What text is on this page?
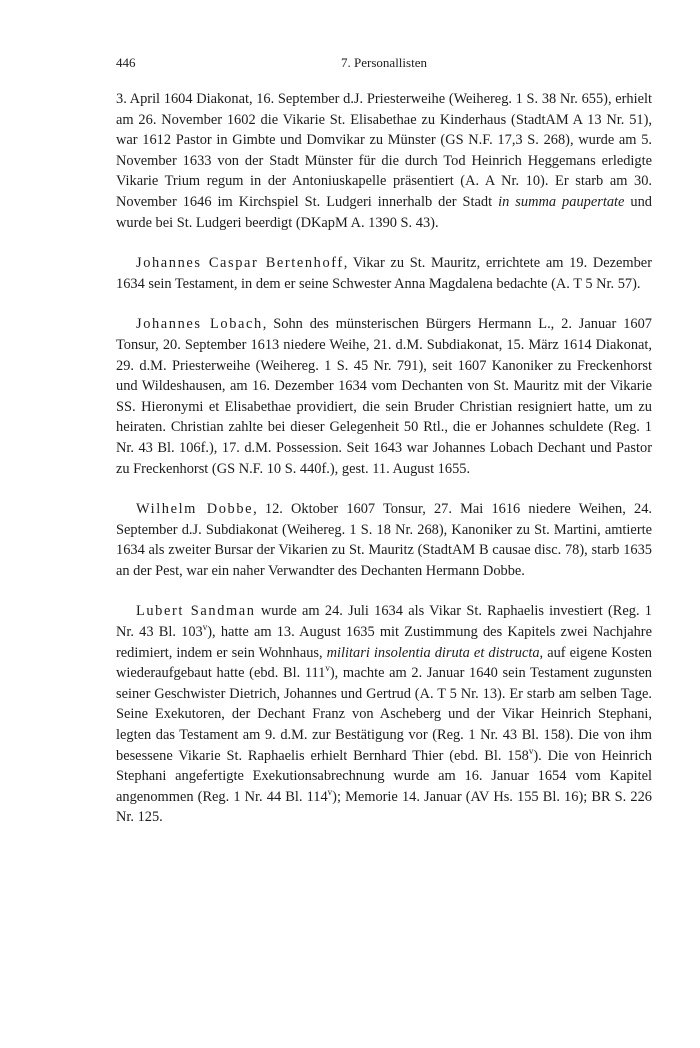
446	7. Personallisten

3. April 1604 Diakonat, 16. September d.J. Priesterweihe (Weihereg. 1 S. 38 Nr. 655), erhielt am 26. November 1602 die Vikarie St. Elisabethae zu Kinderhaus (StadtAM A 13 Nr. 51), war 1612 Pastor in Gimbte und Domvikar zu Münster (GS N.F. 17,3 S. 268), wurde am 5. November 1633 von der Stadt Münster für die durch Tod Heinrich Heggemans erledigte Vikarie Trium regum in der Antoniuskapelle präsentiert (A. A Nr. 10). Er starb am 30. November 1646 im Kirchspiel St. Ludgeri innerhalb der Stadt in summa paupertate und wurde bei St. Ludgeri beerdigt (DKapM A. 1390 S. 43).

Johannes Caspar Bertenhoff, Vikar zu St. Mauritz, errichtete am 19. Dezember 1634 sein Testament, in dem er seine Schwester Anna Magdalena bedachte (A. T 5 Nr. 57).

Johannes Lobach, Sohn des münsterischen Bürgers Hermann L., 2. Januar 1607 Tonsur, 20. September 1613 niedere Weihe, 21. d.M. Subdiakonat, 15. März 1614 Diakonat, 29. d.M. Priesterweihe (Weihereg. 1 S. 45 Nr. 791), seit 1607 Kanoniker zu Freckenhorst und Wildeshausen, am 16. Dezember 1634 vom Dechanten von St. Mauritz mit der Vikarie SS. Hieronymi et Elisabethae providiert, die sein Bruder Christian resigniert hatte, um zu heiraten. Christian zahlte bei dieser Gelegenheit 50 Rtl., die er Johannes schuldete (Reg. 1 Nr. 43 Bl. 106f.), 17. d.M. Possession. Seit 1643 war Johannes Lobach Dechant und Pastor zu Freckenhorst (GS N.F. 10 S. 440f.), gest. 11. August 1655.

Wilhelm Dobbe, 12. Oktober 1607 Tonsur, 27. Mai 1616 niedere Weihen, 24. September d.J. Subdiakonat (Weihereg. 1 S. 18 Nr. 268), Kanoniker zu St. Martini, amtierte 1634 als zweiter Bursar der Vikarien zu St. Mauritz (StadtAM B causae disc. 78), starb 1635 an der Pest, war ein naher Verwandter des Dechanten Hermann Dobbe.

Lubert Sandman wurde am 24. Juli 1634 als Vikar St. Raphaelis investiert (Reg. 1 Nr. 43 Bl. 103$^v$), hatte am 13. August 1635 mit Zustimmung des Kapitels zwei Nachjahre redimiert, indem er sein Wohnhaus, militari insolentia diruta et distructa, auf eigene Kosten wiederaufgebaut hatte (ebd. Bl. 111$^v$), machte am 2. Januar 1640 sein Testament zugunsten seiner Geschwister Dietrich, Johannes und Gertrud (A. T 5 Nr. 13). Er starb am selben Tage. Seine Exekutoren, der Dechant Franz von Ascheberg und der Vikar Heinrich Stephani, legten das Testament am 9. d.M. zur Bestätigung vor (Reg. 1 Nr. 43 Bl. 158). Die von ihm besessene Vikarie St. Raphaelis erhielt Bernhard Thier (ebd. Bl. 158$^v$). Die von Heinrich Stephani angefertigte Exekutionsabrechnung wurde am 16. Januar 1654 vom Kapitel angenommen (Reg. 1 Nr. 44 Bl. 114$^v$); Memorie 14. Januar (AV Hs. 155 Bl. 16); BR S. 226 Nr. 125.
